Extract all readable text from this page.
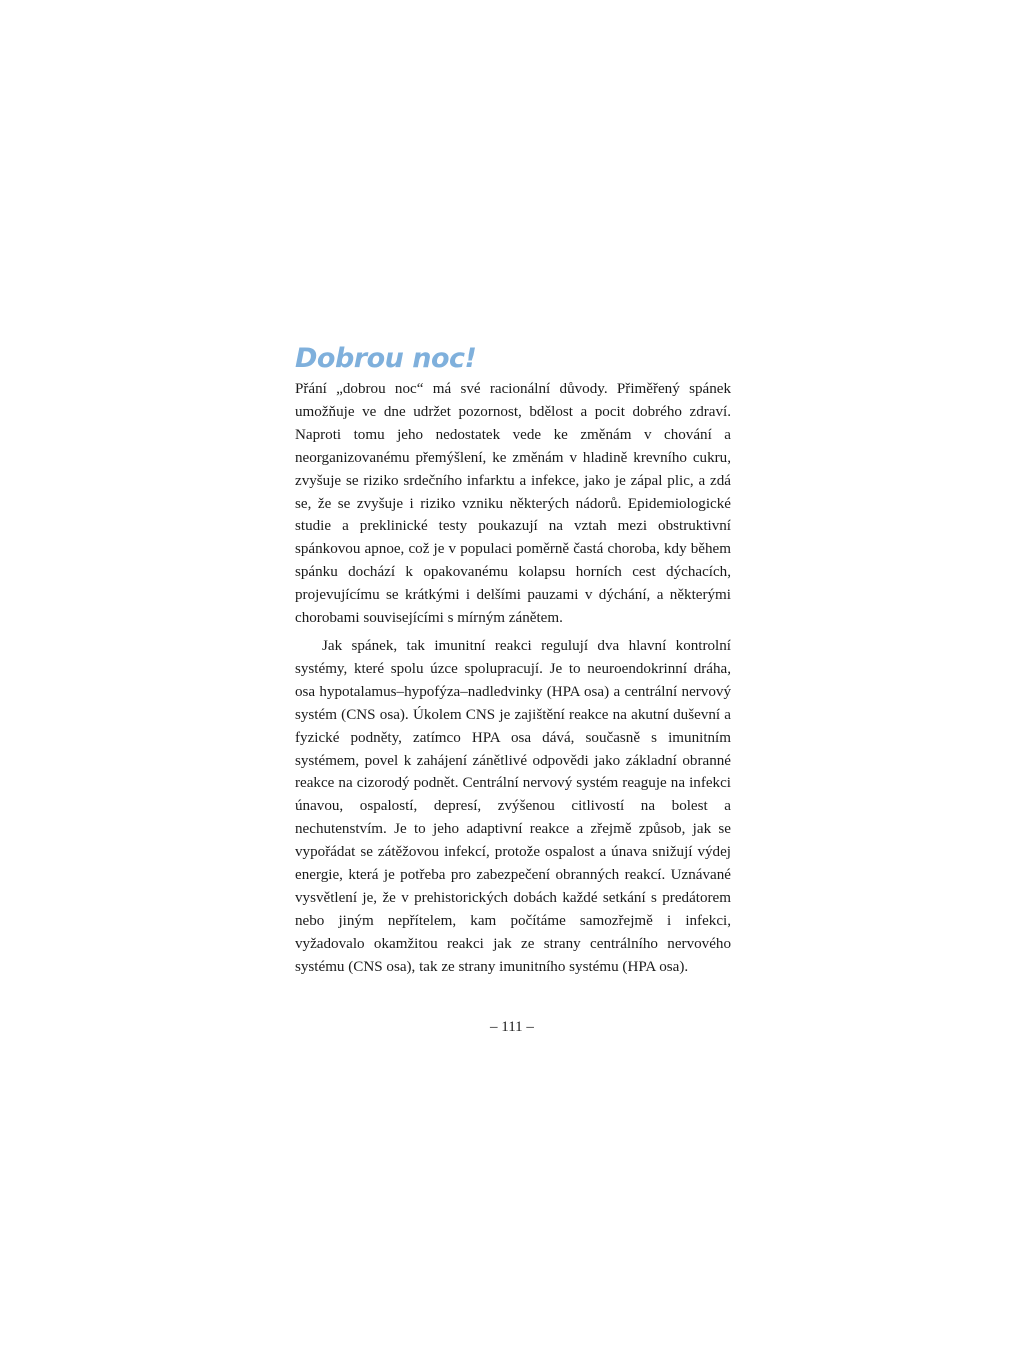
Dobrou noc!

Přání „dobrou noc“ má své racionální důvody. Přiměřený spánek umožňuje ve dne udržet pozornost, bdělost a pocit dobrého zdraví. Naproti tomu jeho nedostatek vede ke změnám v chování a neorganizovanému přemýšlení, ke změnám v hladině krevního cukru, zvyšuje se riziko srdečního infarktu a infekce, jako je zápal plic, a zdá se, že se zvyšuje i riziko vzniku některých nádorů. Epidemiologické studie a preklinické testy poukazují na vztah mezi obstruktivní spánkovou apnoe, což je v populaci poměrně častá choroba, kdy během spánku dochází k opakovanému kolapsu horních cest dýchacích, projevujícímu se krátkými i delšími pauzami v dýchání, a některými chorobami souvisejícími s mírným zánětem.

Jak spánek, tak imunitní reakci regulují dva hlavní kontrolní systémy, které spolu úzce spolupracují. Je to neuroendokrinní dráha, osa hypotalamus–hypofýza–nadledvinky (HPA osa) a centrální nervový systém (CNS osa). Úkolem CNS je zajištění reakce na akutní duševní a fyzické podněty, zatímco HPA osa dává, současně s imunitním systémem, povel k zahájení zánětlivé odpovědi jako základní obranné reakce na cizorodý podnět. Centrální nervový systém reaguje na infekci únavou, ospalostí, depresí, zvýšenou citlivostí na bolest a nechutenstvím. Je to jeho adaptivní reakce a zřejmě způsob, jak se vypořádat se zátěžovou infekcí, protože ospalost a únava snižují výdej energie, která je potřeba pro zabezpečení obranných reakcí. Uznávané vysvětlení je, že v prehistorických dobách každé setkání s predátorem nebo jiným nepřítelem, kam počítáme samozřejmě i infekci, vyžadovalo okamžitou reakci jak ze strany centrálního nervového systému (CNS osa), tak ze strany imunitního systému (HPA osa).

– 111 –
